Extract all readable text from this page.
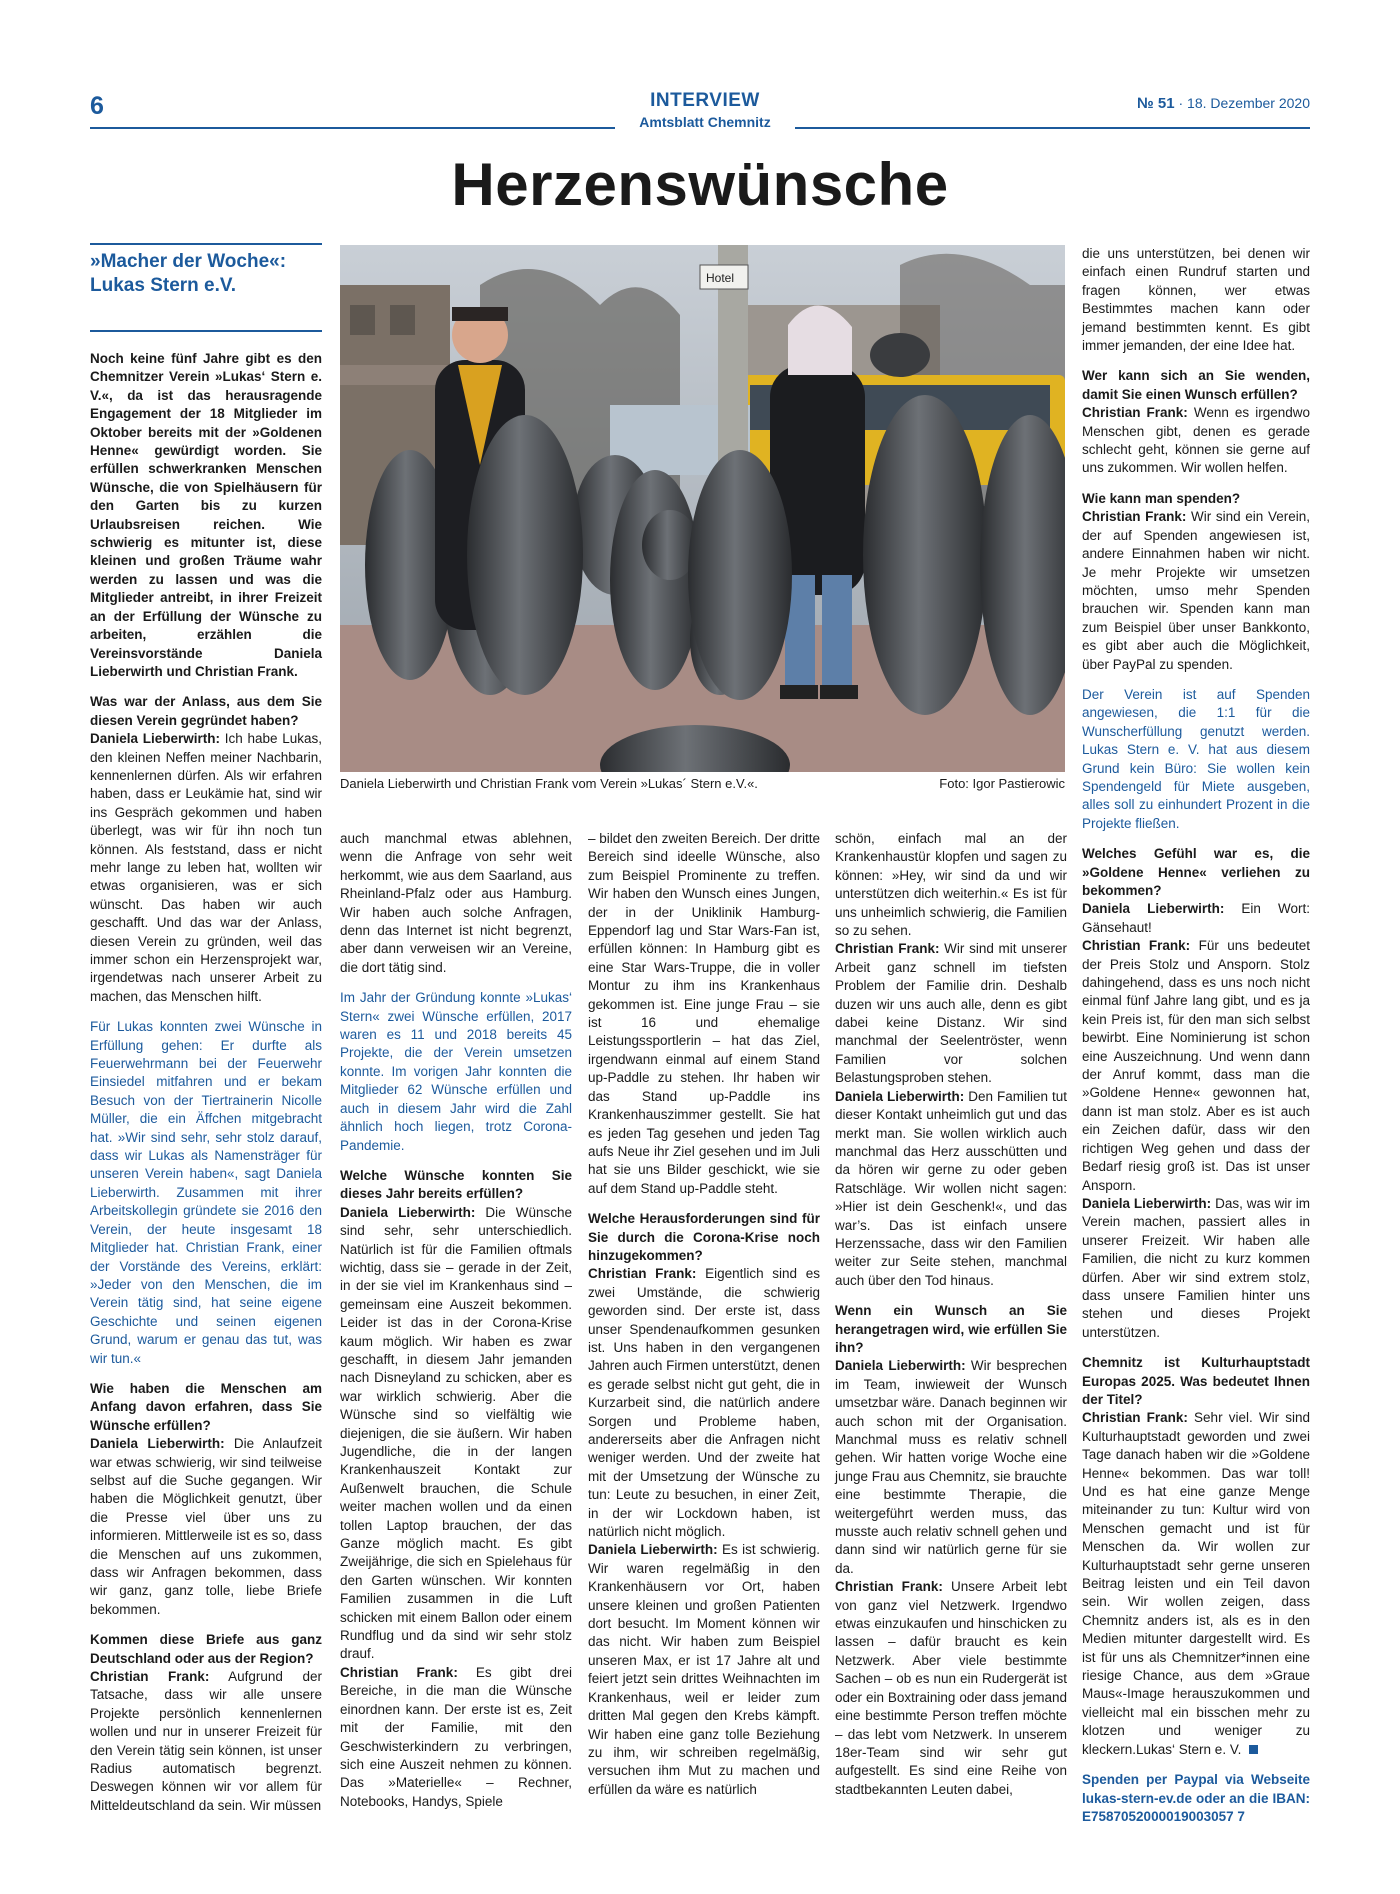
6	INTERVIEW
Amtsblatt Chemnitz
№ 51 · 18. Dezember 2020
Herzenswünsche
»Macher der Woche«:
Lukas Stern e.V.	Hotel
Daniela Lieberwirth und Christian Frank vom Verein »Lukas´ Stern e.V.«.	Foto: Igor Pastierowic

Noch keine fünf Jahre gibt es den Chemnitzer Verein »Lukas‘ Stern e. V.«, da ist das herausragende Engagement der 18 Mitglieder im Oktober bereits mit der »Goldenen Henne« gewürdigt worden. Sie erfüllen schwerkranken Menschen Wünsche, die von Spielhäusern für den Garten bis zu kurzen Urlaubsreisen reichen. Wie schwierig es mitunter ist, diese kleinen und großen Träume wahr werden zu lassen und was die Mitglieder antreibt, in ihrer Freizeit an der Erfüllung der Wünsche zu arbeiten, erzählen die Vereinsvorstände Daniela Lieberwirth und Christian Frank.

Was war der Anlass, aus dem Sie diesen Verein gegründet haben?

Daniela Lieberwirth: Ich habe Lukas, den kleinen Neffen meiner Nachbarin, kennenlernen dürfen. Als wir erfahren haben, dass er Leukämie hat, sind wir ins Gespräch gekommen und haben überlegt, was wir für ihn noch tun können. Als feststand, dass er nicht mehr lange zu leben hat, wollten wir etwas organisieren, was er sich wünscht. Das haben wir auch geschafft. Und das war der Anlass, diesen Verein zu gründen, weil das immer schon ein Herzensprojekt war, irgendetwas nach unserer Arbeit zu machen, das Menschen hilft.

Für Lukas konnten zwei Wünsche in Erfüllung gehen: Er durfte als Feuerwehrmann bei der Feuerwehr Einsiedel mitfahren und er bekam Besuch von der Tiertrainerin Nicolle Müller, die ein Äffchen mitgebracht hat. »Wir sind sehr, sehr stolz darauf, dass wir Lukas als Namensträger für unseren Verein haben«, sagt Daniela Lieberwirth. Zusammen mit ihrer Arbeitskollegin gründete sie 2016 den Verein, der heute insgesamt 18 Mitglieder hat. Christian Frank, einer der Vorstände des Vereins, erklärt: »Jeder von den Menschen, die im Verein tätig sind, hat seine eigene Geschichte und seinen eigenen Grund, warum er genau das tut, was wir tun.«

Wie haben die Menschen am Anfang davon erfahren, dass Sie Wünsche erfüllen?

Daniela Lieberwirth: Die Anlaufzeit war etwas schwierig, wir sind teilweise selbst auf die Suche gegangen. Wir haben die Möglichkeit genutzt, über die Presse viel über uns zu informieren. Mittlerweile ist es so, dass die Menschen auf uns zukommen, dass wir Anfragen bekommen, dass wir ganz, ganz tolle, liebe Briefe bekommen.

Kommen diese Briefe aus ganz Deutschland oder aus der Region?

Christian Frank: Aufgrund der Tatsache, dass wir alle unsere Projekte persönlich kennenlernen wollen und nur in unserer Freizeit für den Verein tätig sein können, ist unser Radius automatisch begrenzt. Deswegen können wir vor allem für Mitteldeutschland da sein. Wir müssen

auch manchmal etwas ablehnen, wenn die Anfrage von sehr weit herkommt, wie aus dem Saarland, aus Rheinland-Pfalz oder aus Hamburg. Wir haben auch solche Anfragen, denn das Internet ist nicht begrenzt, aber dann verweisen wir an Vereine, die dort tätig sind.

Im Jahr der Gründung konnte »Lukas‘ Stern« zwei Wünsche erfüllen, 2017 waren es 11 und 2018 bereits 45 Projekte, die der Verein umsetzen konnte. Im vorigen Jahr konnten die Mitglieder 62 Wünsche erfüllen und auch in diesem Jahr wird die Zahl ähnlich hoch liegen, trotz Corona-Pandemie.

Welche Wünsche konnten Sie dieses Jahr bereits erfüllen?

Daniela Lieberwirth: Die Wünsche sind sehr, sehr unterschiedlich. Natürlich ist für die Familien oftmals wichtig, dass sie – gerade in der Zeit, in der sie viel im Krankenhaus sind – gemeinsam eine Auszeit bekommen. Leider ist das in der Corona-Krise kaum möglich. Wir haben es zwar geschafft, in diesem Jahr jemanden nach Disneyland zu schicken, aber es war wirklich schwierig. Aber die Wünsche sind so vielfältig wie diejenigen, die sie äußern. Wir haben Jugendliche, die in der langen Krankenhauszeit Kontakt zur Außenwelt brauchen, die Schule weiter machen wollen und da einen tollen Laptop brauchen, der das Ganze möglich macht. Es gibt Zweijährige, die sich en Spielehaus für den Garten wünschen. Wir konnten Familien zusammen in die Luft schicken mit einem Ballon oder einem Rundflug und da sind wir sehr stolz drauf.

Christian Frank: Es gibt drei Bereiche, in die man die Wünsche einordnen kann. Der erste ist es, Zeit mit der Familie, mit den Geschwisterkindern zu verbringen, sich eine Auszeit nehmen zu können. Das »Materielle« – Rechner, Notebooks, Handys, Spiele

– bildet den zweiten Bereich. Der dritte Bereich sind ideelle Wünsche, also zum Beispiel Prominente zu treffen. Wir haben den Wunsch eines Jungen, der in der Uniklinik Hamburg-Eppendorf lag und Star Wars-Fan ist, erfüllen können: In Hamburg gibt es eine Star Wars-Truppe, die in voller Montur zu ihm ins Krankenhaus gekommen ist. Eine junge Frau – sie ist 16 und ehemalige Leistungssportlerin – hat das Ziel, irgendwann einmal auf einem Stand up-Paddle zu stehen. Ihr haben wir das Stand up-Paddle ins Krankenhauszimmer gestellt. Sie hat es jeden Tag gesehen und jeden Tag aufs Neue ihr Ziel gesehen und im Juli hat sie uns Bilder geschickt, wie sie auf dem Stand up-Paddle steht.

Welche Herausforderungen sind für Sie durch die Corona-Krise noch hinzugekommen?

Christian Frank: Eigentlich sind es zwei Umstände, die schwierig geworden sind. Der erste ist, dass unser Spendenaufkommen gesunken ist. Uns haben in den vergangenen Jahren auch Firmen unterstützt, denen es gerade selbst nicht gut geht, die in Kurzarbeit sind, die natürlich andere Sorgen und Probleme haben, andererseits aber die Anfragen nicht weniger werden. Und der zweite hat mit der Umsetzung der Wünsche zu tun: Leute zu besuchen, in einer Zeit, in der wir Lockdown haben, ist natürlich nicht möglich.

Daniela Lieberwirth: Es ist schwierig. Wir waren regelmäßig in den Krankenhäusern vor Ort, haben unsere kleinen und großen Patienten dort besucht. Im Moment können wir das nicht. Wir haben zum Beispiel unseren Max, er ist 17 Jahre alt und feiert jetzt sein drittes Weihnachten im Krankenhaus, weil er leider zum dritten Mal gegen den Krebs kämpft. Wir haben eine ganz tolle Beziehung zu ihm, wir schreiben regelmäßig, versuchen ihm Mut zu machen und erfüllen da wäre es natürlich

schön, einfach mal an der Krankenhaustür klopfen und sagen zu können: »Hey, wir sind da und wir unterstützen dich weiterhin.« Es ist für uns unheimlich schwierig, die Familien so zu sehen.

Christian Frank: Wir sind mit unserer Arbeit ganz schnell im tiefsten Problem der Familie drin. Deshalb duzen wir uns auch alle, denn es gibt dabei keine Distanz. Wir sind manchmal der Seelentröster, wenn Familien vor solchen Belastungsproben stehen.

Daniela Lieberwirth: Den Familien tut dieser Kontakt unheimlich gut und das merkt man. Sie wollen wirklich auch manchmal das Herz ausschütten und da hören wir gerne zu oder geben Ratschläge. Wir wollen nicht sagen: »Hier ist dein Geschenk!«, und das war’s. Das ist einfach unsere Herzenssache, dass wir den Familien weiter zur Seite stehen, manchmal auch über den Tod hinaus.

Wenn ein Wunsch an Sie herangetragen wird, wie erfüllen Sie ihn?

Daniela Lieberwirth: Wir besprechen im Team, inwieweit der Wunsch umsetzbar wäre. Danach beginnen wir auch schon mit der Organisation. Manchmal muss es relativ schnell gehen. Wir hatten vorige Woche eine junge Frau aus Chemnitz, sie brauchte eine bestimmte Therapie, die weitergeführt werden muss, das musste auch relativ schnell gehen und dann sind wir natürlich gerne für sie da.

Christian Frank: Unsere Arbeit lebt von ganz viel Netzwerk. Irgendwo etwas einzukaufen und hinschicken zu lassen – dafür braucht es kein Netzwerk. Aber viele bestimmte Sachen – ob es nun ein Rudergerät ist oder ein Boxtraining oder dass jemand eine bestimmte Person treffen möchte – das lebt vom Netzwerk. In unserem 18er-Team sind wir sehr gut aufgestellt. Es sind eine Reihe von stadtbekannten Leuten dabei,

die uns unterstützen, bei denen wir einfach einen Rundruf starten und fragen können, wer etwas Bestimmtes machen kann oder jemand bestimmten kennt. Es gibt immer jemanden, der eine Idee hat.

Wer kann sich an Sie wenden, damit Sie einen Wunsch erfüllen?

Christian Frank: Wenn es irgendwo Menschen gibt, denen es gerade schlecht geht, können sie gerne auf uns zukommen. Wir wollen helfen.

Wie kann man spenden?

Christian Frank: Wir sind ein Verein, der auf Spenden angewiesen ist, andere Einnahmen haben wir nicht. Je mehr Projekte wir umsetzen möchten, umso mehr Spenden brauchen wir. Spenden kann man zum Beispiel über unser Bankkonto, es gibt aber auch die Möglichkeit, über PayPal zu spenden.

Der Verein ist auf Spenden angewiesen, die 1:1 für die Wunscherfüllung genutzt werden. Lukas Stern e. V. hat aus diesem Grund kein Büro: Sie wollen kein Spendengeld für Miete ausgeben, alles soll zu einhundert Prozent in die Projekte fließen.

Welches Gefühl war es, die »Goldene Henne« verliehen zu bekommen?

Daniela Lieberwirth: Ein Wort: Gänsehaut!

Christian Frank: Für uns bedeutet der Preis Stolz und Ansporn. Stolz dahingehend, dass es uns noch nicht einmal fünf Jahre lang gibt, und es ja kein Preis ist, für den man sich selbst bewirbt. Eine Nominierung ist schon eine Auszeichnung. Und wenn dann der Anruf kommt, dass man die »Goldene Henne« gewonnen hat, dann ist man stolz. Aber es ist auch ein Zeichen dafür, dass wir den richtigen Weg gehen und dass der Bedarf riesig groß ist. Das ist unser Ansporn.

Daniela Lieberwirth: Das, was wir im Verein machen, passiert alles in unserer Freizeit. Wir haben alle Familien, die nicht zu kurz kommen dürfen. Aber wir sind extrem stolz, dass unsere Familien hinter uns stehen und dieses Projekt unterstützen.

Chemnitz ist Kulturhauptstadt Europas 2025. Was bedeutet Ihnen der Titel?

Christian Frank: Sehr viel. Wir sind Kulturhauptstadt geworden und zwei Tage danach haben wir die »Goldene Henne« bekommen. Das war toll! Und es hat eine ganze Menge miteinander zu tun: Kultur wird von Menschen gemacht und ist für Menschen da. Wir wollen zur Kulturhauptstadt sehr gerne unseren Beitrag leisten und ein Teil davon sein. Wir wollen zeigen, dass Chemnitz anders ist, als es in den Medien mitunter dargestellt wird. Es ist für uns als Chemnitzer*innen eine riesige Chance, aus dem »Graue Maus«-Image herauszukommen und vielleicht mal ein bisschen mehr zu klotzen und weniger zu kleckern.Lukas‘ Stern e. V.

Spenden per Paypal via Webseite lukas-stern-ev.de oder an die IBAN: E7587052000019003057 7
